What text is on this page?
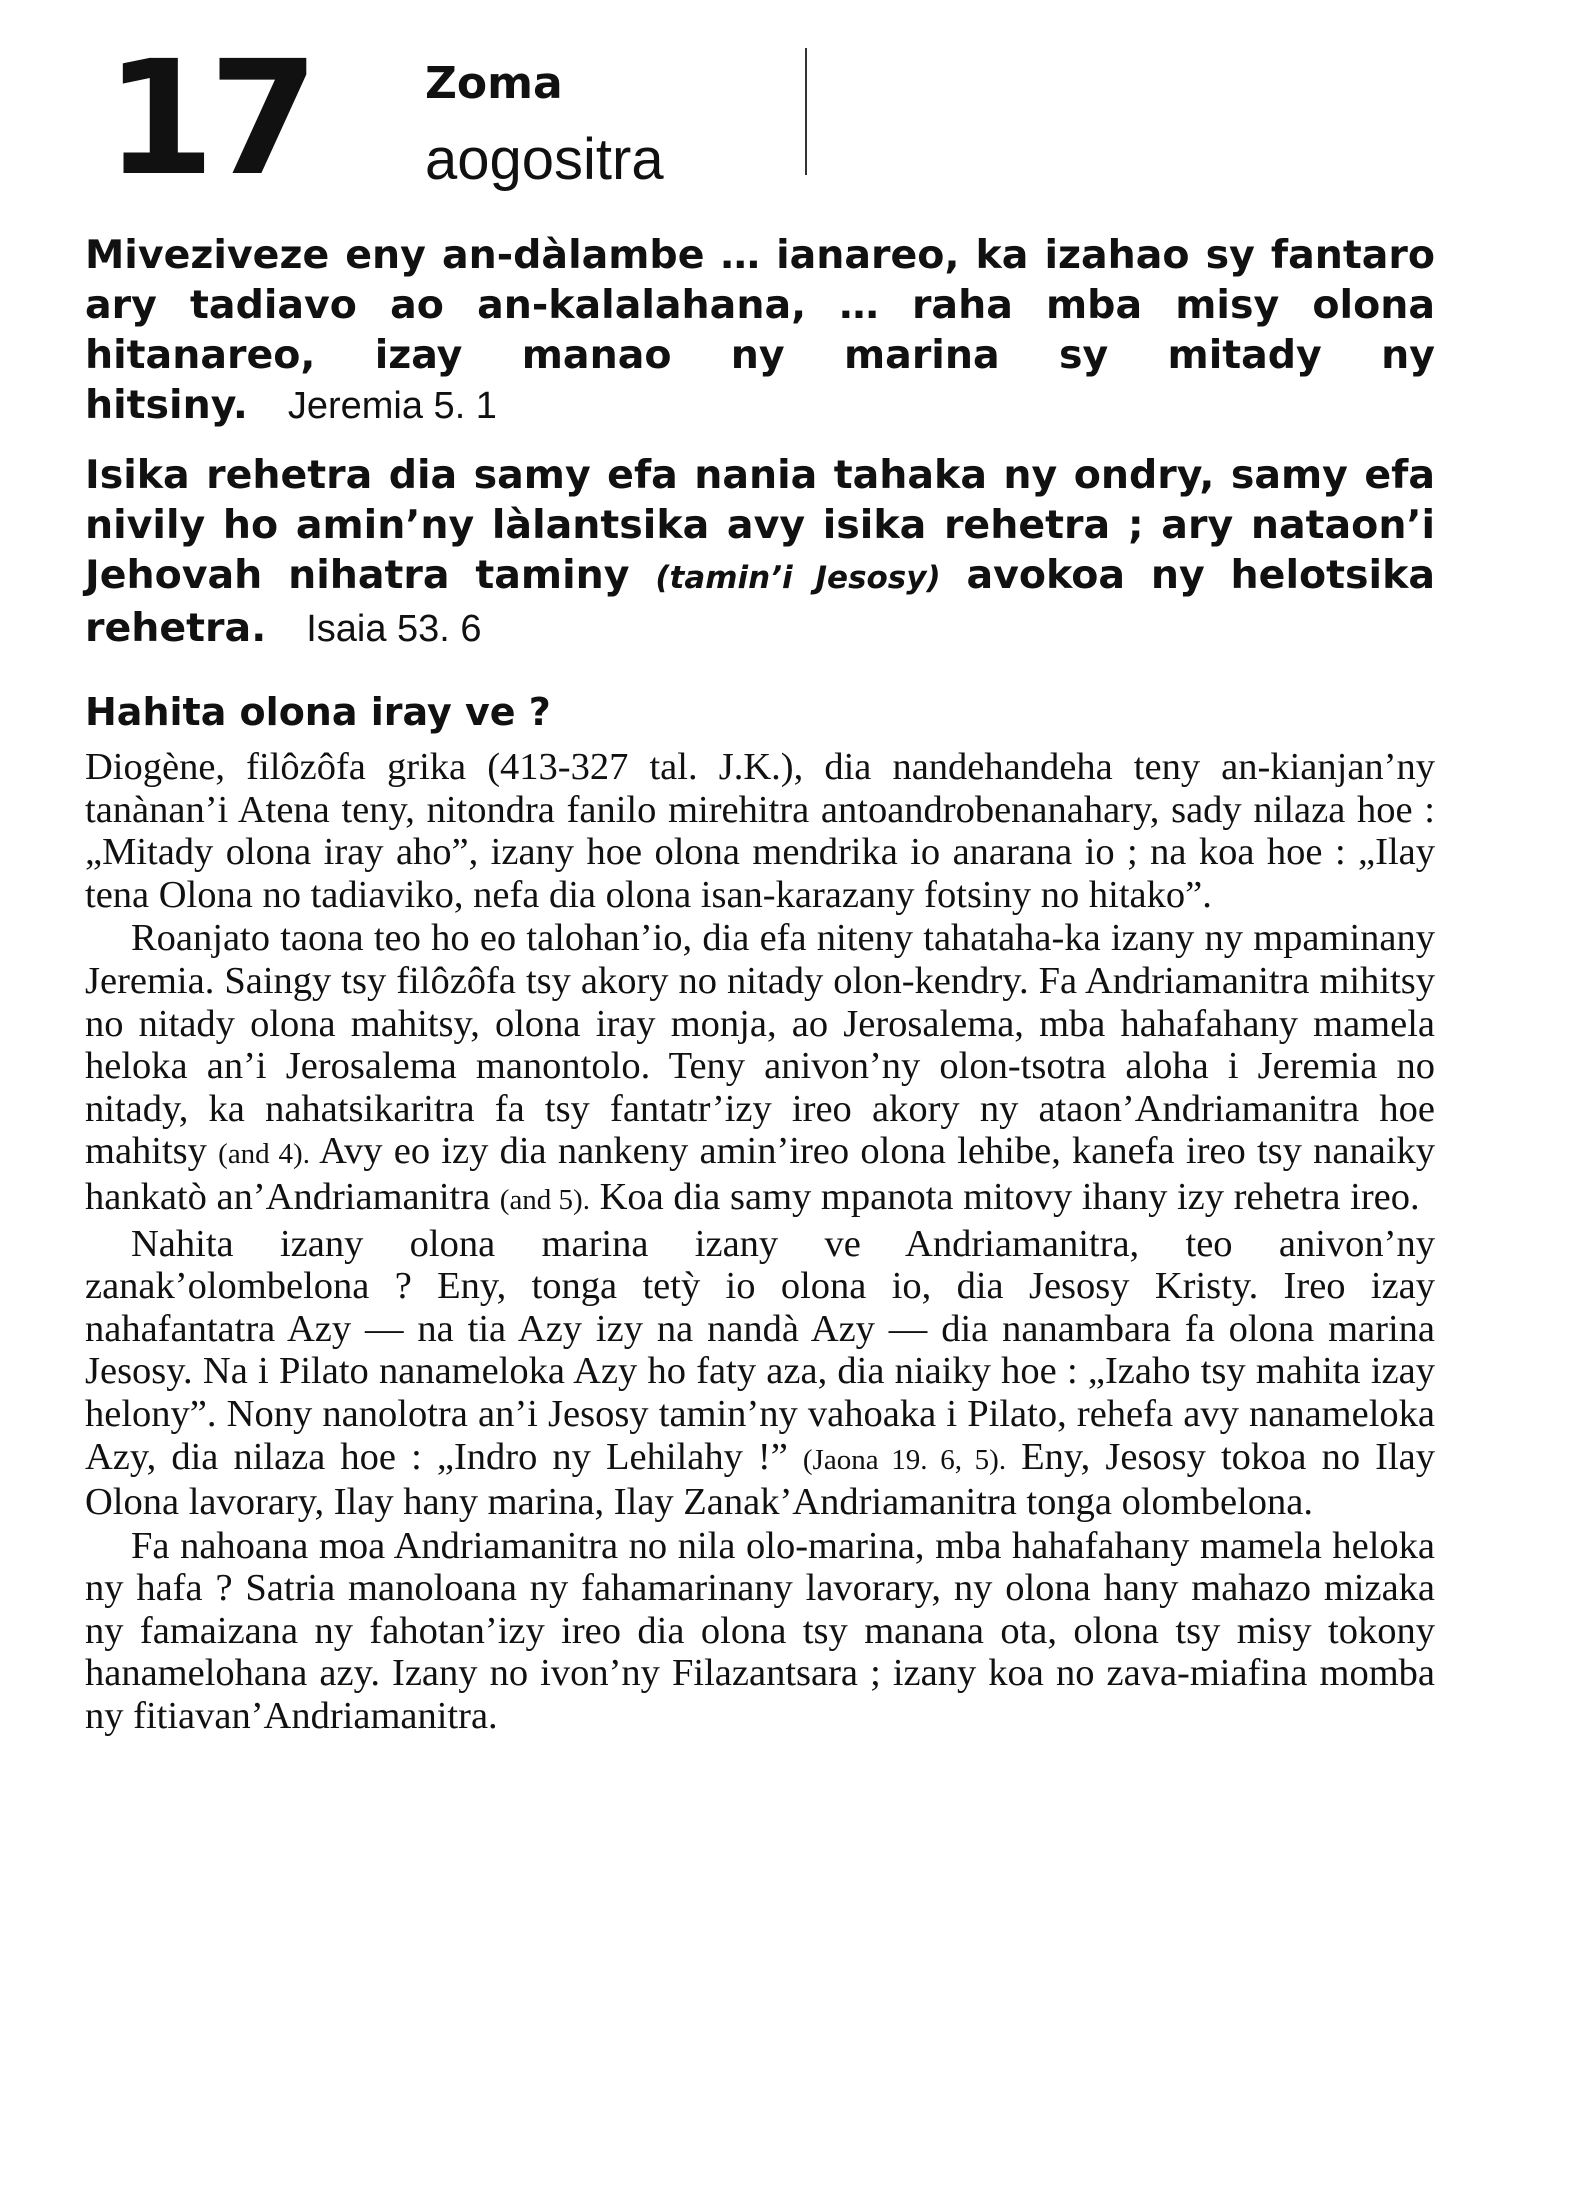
17	Zoma
aogositra

Miveziveze eny an-dàlambe … ianareo, ka izahao sy fantaro ary tadiavo ao an-kalalahana, … raha mba misy olona hitanareo, izay manao ny marina sy mitady ny hitsiny. Jeremia 5. 1

Isika rehetra dia samy efa nania tahaka ny ondry, samy efa nivily ho amin’ny làlantsika avy isika rehetra ; ary nataon’i Jehovah nihatra taminy (tamin’i Jesosy) avokoa ny helotsika rehetra. Isaia 53. 6

Hahita olona iray ve ?

Diogène, filôzôfa grika (413-327 tal. J.K.), dia nandehandeha teny an-kianjan’ny tanànan’i Atena teny, nitondra fanilo mirehitra antoandrobenanahary, sady nilaza hoe : „Mitady olona iray aho”, izany hoe olona mendrika io anarana io ; na koa hoe : „Ilay tena Olona no tadiaviko, nefa dia olona isan-karazany fotsiny no hitako”.

Roanjato taona teo ho eo talohan’io, dia efa niteny tahataha-ka izany ny mpaminany Jeremia. Saingy tsy filôzôfa tsy akory no nitady olon-kendry. Fa Andriamanitra mihitsy no nitady olona mahitsy, olona iray monja, ao Jerosalema, mba hahafahany mamela heloka an’i Jerosalema manontolo. Teny anivon’ny olon-tsotra aloha i Jeremia no nitady, ka nahatsikaritra fa tsy fantatr’izy ireo akory ny ataon’Andriamanitra hoe mahitsy (and 4). Avy eo izy dia nankeny amin’ireo olona lehibe, kanefa ireo tsy nanaiky hankatò an’Andriamanitra (and 5). Koa dia samy mpanota mitovy ihany izy rehetra ireo.

Nahita izany olona marina izany ve Andriamanitra, teo anivon’ny zanak’olombelona ? Eny, tonga tetỳ io olona io, dia Jesosy Kristy. Ireo izay nahafantatra Azy — na tia Azy izy na nandà Azy — dia nanambara fa olona marina Jesosy. Na i Pilato nanameloka Azy ho faty aza, dia niaiky hoe : „Izaho tsy mahita izay helony”. Nony nanolotra an’i Jesosy tamin’ny vahoaka i Pilato, rehefa avy nanameloka Azy, dia nilaza hoe : „Indro ny Lehilahy !” (Jaona 19. 6, 5). Eny, Jesosy tokoa no Ilay Olona lavorary, Ilay hany marina, Ilay Zanak’Andriamanitra tonga olombelona.

Fa nahoana moa Andriamanitra no nila olo-marina, mba hahafahany mamela heloka ny hafa ? Satria manoloana ny fahamarinany lavorary, ny olona hany mahazo mizaka ny famaizana ny fahotan’izy ireo dia olona tsy manana ota, olona tsy misy tokony hanamelohana azy. Izany no ivon’ny Filazantsara ; izany koa no zava-miafina momba ny fitiavan’Andriamanitra.
